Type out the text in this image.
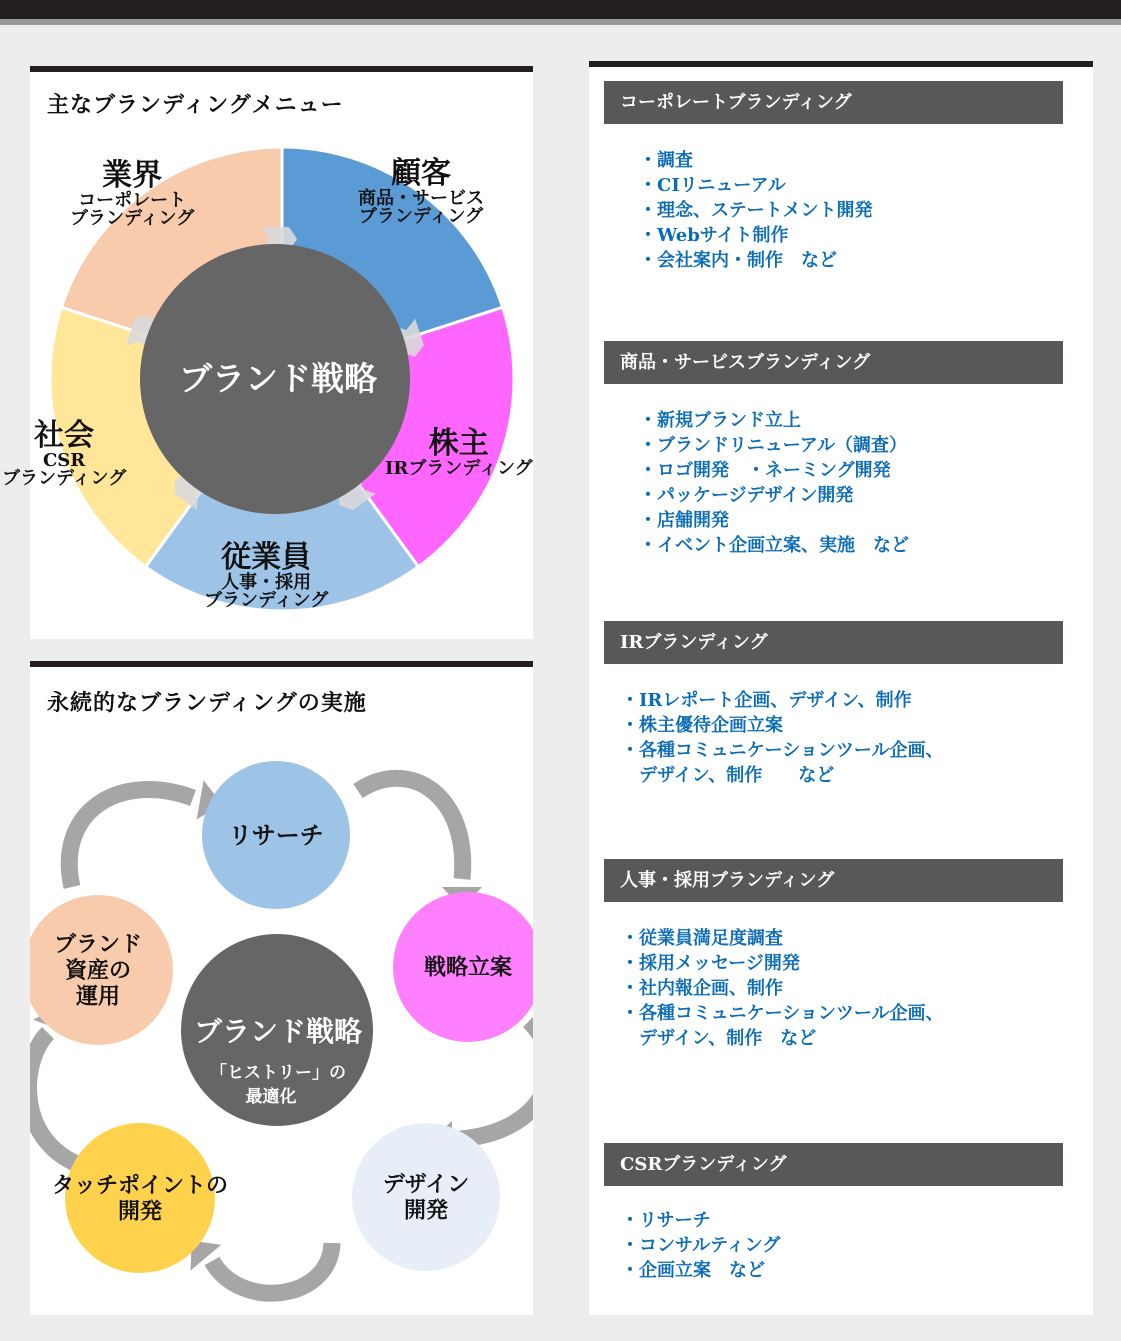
主なブランディングメニュー
ブランド戦略
顧客
商品・サービス
ブランディング
株主
IRブランディング
従業員
人事・採用
ブランディング
社会
CSR
ブランディング
業界
コーポレート
ブランディング
永続的なブランディングの実施
リサーチ
戦略立案
デザイン
開発
タッチポイントの
開発
ブランド
資産の
運用
ブランド戦略
「ヒストリー」の
最適化
コーポレートブランディング
・調査
・CIリニューアル
・理念、ステートメント開発
・Webサイト制作
・会社案内・制作　など
商品・サービスブランディング
・新規ブランド立上
・ブランドリニューアル（調査）
・ロゴ開発　・ネーミング開発
・パッケージデザイン開発
・店舗開発
・イベント企画立案、実施　など
IRブランディング
・IRレポート企画、デザイン、制作
・株主優待企画立案
・各種コミュニケーションツール企画、
　デザイン、制作　　など
人事・採用ブランディング
・従業員満足度調査
・採用メッセージ開発
・社内報企画、制作
・各種コミュニケーションツール企画、
　デザイン、制作　など
CSRブランディング
・リサーチ
・コンサルティング
・企画立案　など
